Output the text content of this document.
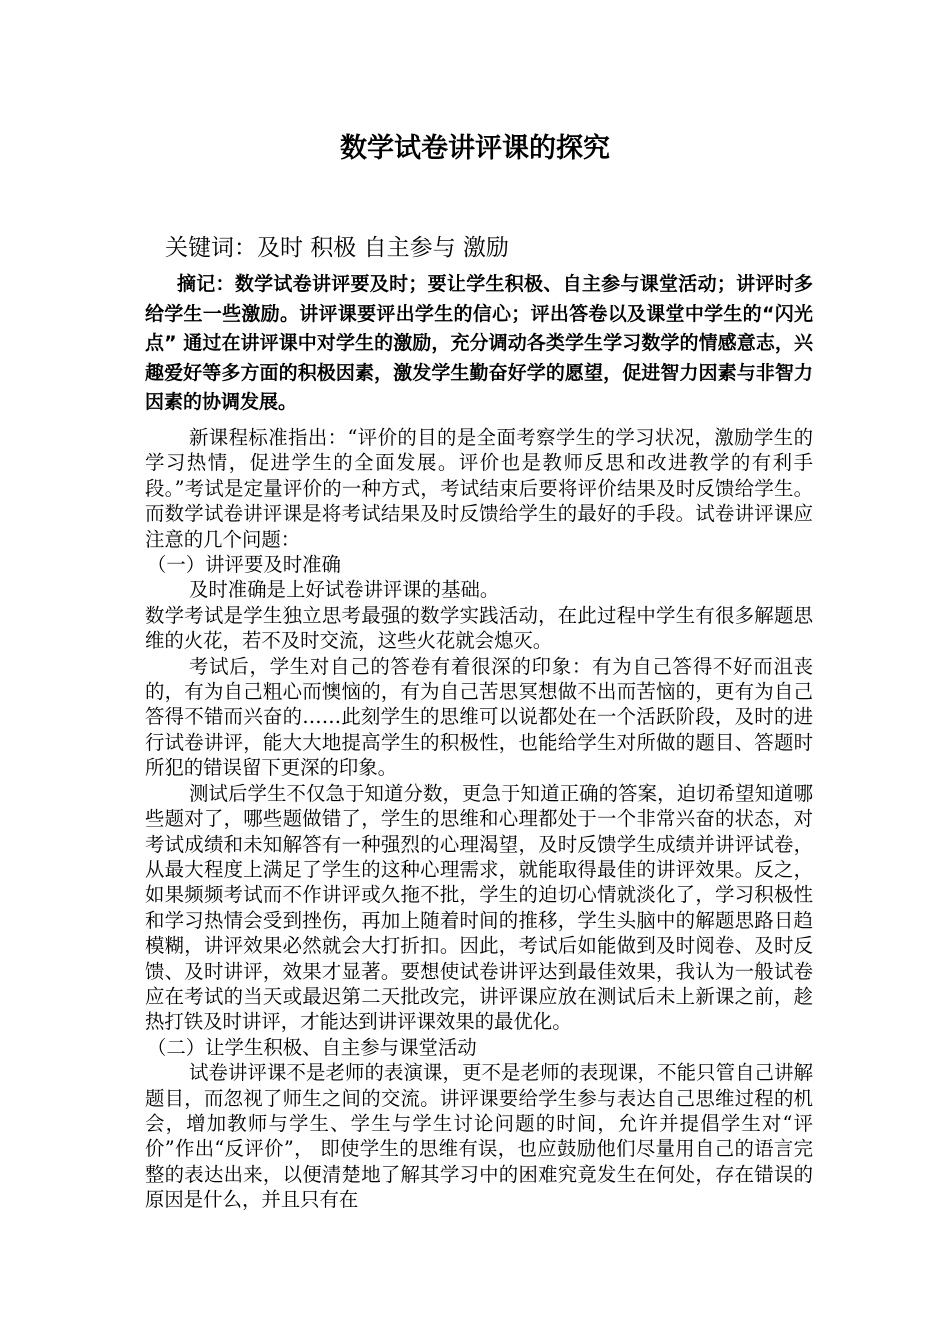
数学试卷讲评课的探究

关键词：及时 积极 自主参与 激励

摘记：数学试卷讲评要及时；要让学生积极、自主参与课堂活动；讲评时多给学生一些激励。讲评课要评出学生的信心；评出答卷以及课堂中学生的“闪光点” 通过在讲评课中对学生的激励，充分调动各类学生学习数学的情感意志，兴趣爱好等多方面的积极因素，激发学生勤奋好学的愿望，促进智力因素与非智力因素的协调发展。

新课程标准指出：“评价的目的是全面考察学生的学习状况，激励学生的学习热情，促进学生的全面发展。评价也是教师反思和改进教学的有利手段。”考试是定量评价的一种方式，考试结束后要将评价结果及时反馈给学生。 而数学试卷讲评课是将考试结果及时反馈给学生的最好的手段。试卷讲评课应注意的几个问题：

（一）讲评要及时准确

及时准确是上好试卷讲评课的基础。

数学考试是学生独立思考最强的数学实践活动，在此过程中学生有很多解题思维的火花，若不及时交流，这些火花就会熄灭。

考试后，学生对自己的答卷有着很深的印象：有为自己答得不好而沮丧的，有为自己粗心而懊恼的，有为自己苦思冥想做不出而苦恼的，更有为自己答得不错而兴奋的……此刻学生的思维可以说都处在一个活跃阶段，及时的进行试卷讲评，能大大地提高学生的积极性，也能给学生对所做的题目、答题时所犯的错误留下更深的印象。

测试后学生不仅急于知道分数，更急于知道正确的答案，迫切希望知道哪些题对了，哪些题做错了，学生的思维和心理都处于一个非常兴奋的状态，对考试成绩和未知解答有一种强烈的心理渴望，及时反馈学生成绩并讲评试卷，从最大程度上满足了学生的这种心理需求，就能取得最佳的讲评效果。反之，如果频频考试而不作讲评或久拖不批，学生的迫切心情就淡化了，学习积极性和学习热情会受到挫伤，再加上随着时间的推移，学生头脑中的解题思路日趋模糊，讲评效果必然就会大打折扣。因此，考试后如能做到及时阅卷、及时反馈、及时讲评，效果才显著。要想使试卷讲评达到最佳效果，我认为一般试卷应在考试的当天或最迟第二天批改完，讲评课应放在测试后未上新课之前，趁热打铁及时讲评，才能达到讲评课效果的最优化。

（二）让学生积极、自主参与课堂活动

试卷讲评课不是老师的表演课，更不是老师的表现课，不能只管自己讲解题目，而忽视了师生之间的交流。讲评课要给学生参与表达自己思维过程的机会，增加教师与学生、学生与学生讨论问题的时间，允许并提倡学生对“评价”作出“反评价”， 即使学生的思维有误，也应鼓励他们尽量用自己的语言完整的表达出来，以便清楚地了解其学习中的困难究竟发生在何处，存在错误的原因是什么，并且只有在
